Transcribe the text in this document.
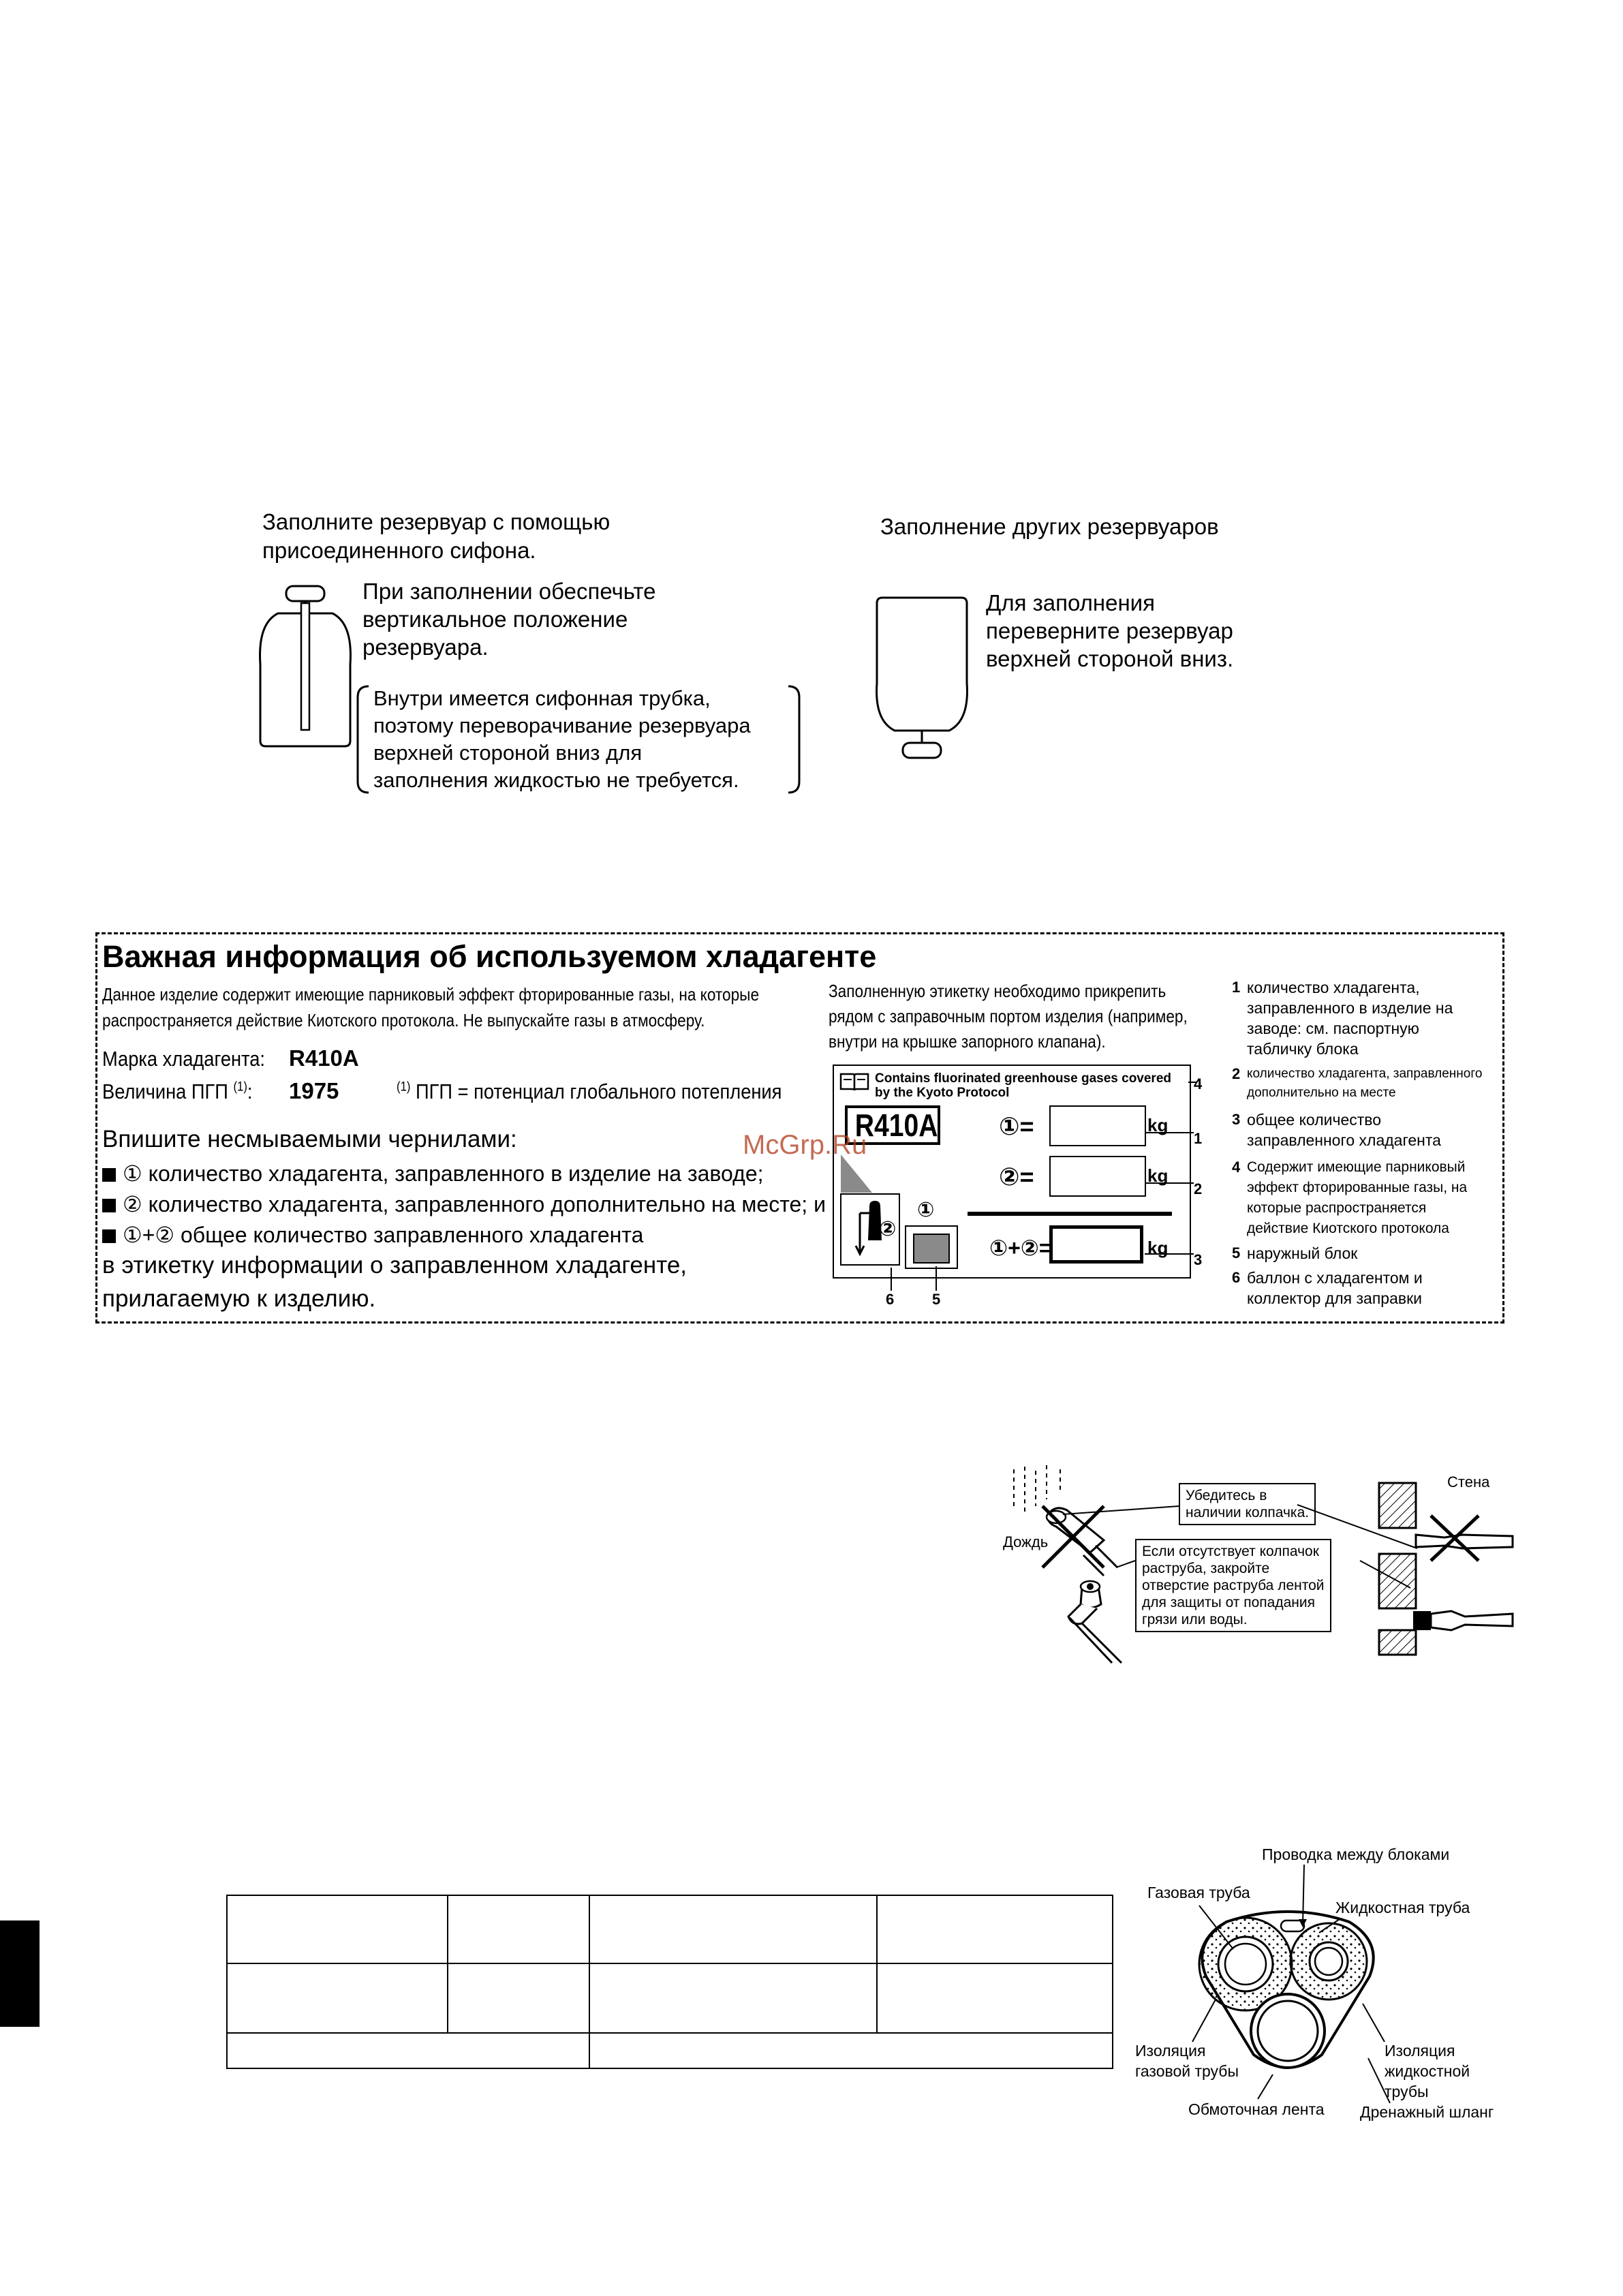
Заполните резервуар с помощью
присоединенного сифона.
При заполнении обеспечьте
вертикальное положение
резервуара.
Внутри имеется сифонная трубка,
поэтому переворачивание резервуара
верхней стороной вниз для
заполнения жидкостью не требуется.
Заполнение других резервуаров
Для заполнения
переверните резервуар
верхней стороной вниз.
Важная информация об используемом хладагенте
Данное изделие содержит имеющие парниковый эффект фторированные газы, на которые
распространяется действие Киотского протокола. Не выпускайте газы в атмосферу.
Марка хладагента: R410A
Величина ПГП $^{(1)}$: 1975	$^{(1)}$ ПГП = потенциал глобального потепления
Впишите несмываемыми чернилами:
① количество хладагента, заправленного в изделие на заводе;
② количество хладагента, заправленного дополнительно на месте; и
①+② общее количество заправленного хладагента
в этикетку информации о заправленном хладагенте,
прилагаемую к изделию.
Заполненную этикетку необходимо прикрепить
рядом с заправочным портом изделия (например,
внутри на крышке запорного клапана).
Contains fluorinated greenhouse gases covered
by the Kyoto Protocol
R410A ①=	kg
②=	kg
①+②=	kg
②
①
4
1
2
3
6	5
1 количество хладагента,
заправленного в изделие на
заводе: см. паспортную
табличку блока
2 количество хладагента, заправленного
дополнительно на месте
3 общее количество
заправленного хладагента
4 Содержит имеющие парниковый
эффект фторированные газы, на
которые распространяется
действие Киотского протокола
5 наружный блок
6 баллон с хладагентом и
коллектор для заправки
McGrp.Ru
Дождь
Убедитесь в
наличии колпачка.
Если отсутствует колпачок
раструба, закройте
отверстие раструба лентой
для защиты от попадания
грязи или воды.
Стена
Проводка между блоками
Газовая труба
Жидкостная труба
Изоляция
газовой трубы
Изоляция
жидкостной
трубы
Обмоточная лента Дренажный шланг
